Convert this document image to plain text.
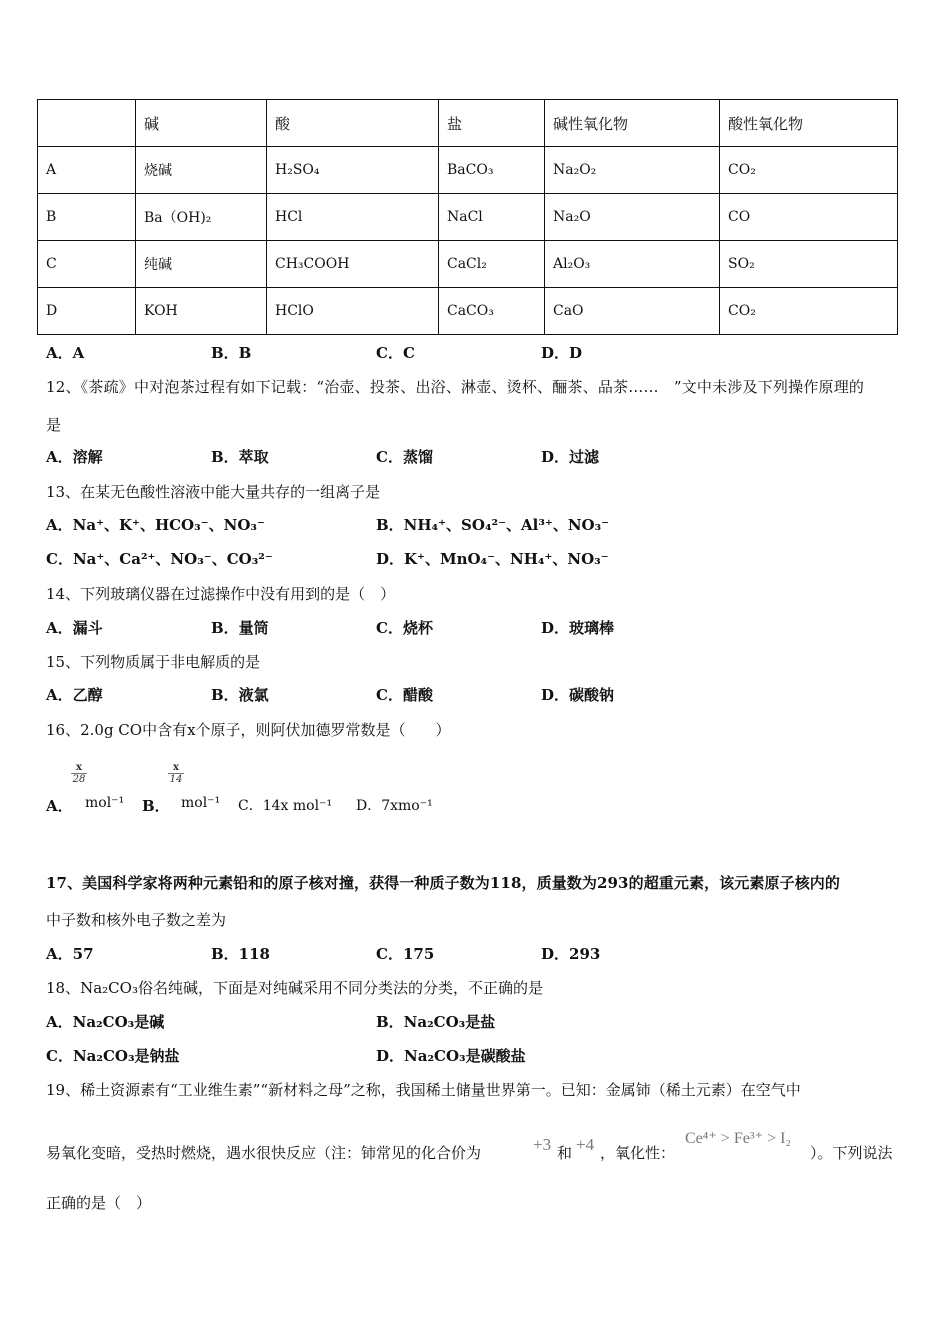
	碱	酸	盐	碱性氧化物	酸性氧化物
A	烧碱	H₂SO₄	BaCO₃	Na₂O₂	CO₂
B	Ba（OH)₂	HCl	NaCl	Na₂O	CO
C	纯碱	CH₃COOH	CaCl₂	Al₂O₃	SO₂
D	KOH	HClO	CaCO₃	CaO	CO₂
A．A	B．B	C．C	D．D
12、《茶疏》中对泡茶过程有如下记载：“治壶、投茶、出浴、淋壶、烫杯、酾茶、品茶……　”文中未涉及下列操作原理的
是
A．溶解	B．萃取	C．蒸馏	D．过滤
13、在某无色酸性溶液中能大量共存的一组离子是
A．Na⁺、K⁺、HCO₃⁻、NO₃⁻	B．NH₄⁺、SO₄²⁻、Al³⁺、NO₃⁻
C．Na⁺、Ca²⁺、NO₃⁻、CO₃²⁻	D．K⁺、MnO₄⁻、NH₄⁺、NO₃⁻
14、下列玻璃仪器在过滤操作中没有用到的是（　）
A．漏斗	B．量筒	C．烧杯	D．玻璃棒
15、下列物质属于非电解质的是
A．乙醇	B．液氯	C．醋酸	D．碳酸钠
16、2.0g CO中含有x个原子，则阿伏加德罗常数是（　　）
$\frac{x}{28}$	$\frac{x}{14}$
A． mol⁻¹ B． mol⁻¹ C．14x mol⁻¹ D．7xmo⁻¹
17、美国科学家将两种元素铅和的原子核对撞，获得一种质子数为118，质量数为293的超重元素，该元素原子核内的
中子数和核外电子数之差为
A．57	B．118	C．175	D．293
18、Na₂CO₃俗名纯碱，下面是对纯碱采用不同分类法的分类，不正确的是
A．Na₂CO₃是碱	B．Na₂CO₃是盐
C．Na₂CO₃是钠盐	D．Na₂CO₃是碳酸盐
19、稀土资源素有“工业维生素”“新材料之母”之称，我国稀土储量世界第一。已知：金属铈（稀土元素）在空气中
易氧化变暗，受热时燃烧，遇水很快反应（注：铈常见的化合价为	+3 和 +4 ，氧化性：
Ce⁴⁺ > Fe³⁺ > I₂
）。下列说法
正确的是（　）
